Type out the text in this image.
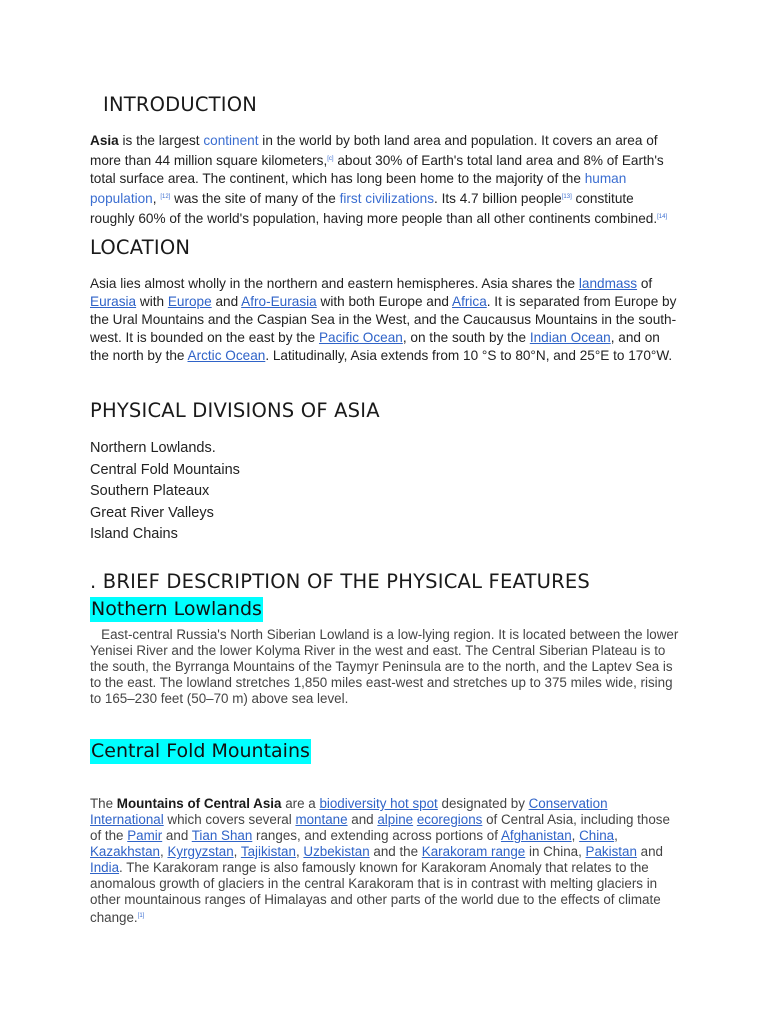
INTRODUCTION

Asia is the largest continent in the world by both land area and population. It covers an area of more than 44 million square kilometers,[c] about 30% of Earth's total land area and 8% of Earth's total surface area. The continent, which has long been home to the majority of the human population, [12] was the site of many of the first civilizations. Its 4.7 billion people[13] constitute roughly 60% of the world's population, having more people than all other continents combined.[14]

LOCATION

Asia lies almost wholly in the northern and eastern hemispheres. Asia shares the landmass of Eurasia with Europe and Afro-Eurasia with both Europe and Africa. It is separated from Europe by the Ural Mountains and the Caspian Sea in the West, and the Caucausus Mountains in the south-west. It is bounded on the east by the Pacific Ocean, on the south by the Indian Ocean, and on the north by the Arctic Ocean. Latitudinally, Asia extends from 10 °S to 80°N, and 25°E to 170°W.

PHYSICAL DIVISIONS OF ASIA
Northern Lowlands.
Central Fold Mountains
Southern Plateaux
Great River Valleys
Island Chains
. BRIEF DESCRIPTION OF THE PHYSICAL FEATURES
Nothern Lowlands

East-central Russia's North Siberian Lowland is a low-lying region. It is located between the lower Yenisei River and the lower Kolyma River in the west and east. The Central Siberian Plateau is to the south, the Byrranga Mountains of the Taymyr Peninsula are to the north, and the Laptev Sea is to the east. The lowland stretches 1,850 miles east-west and stretches up to 375 miles wide, rising to 165–230 feet (50–70 m) above sea level.

Central Fold Mountains

The Mountains of Central Asia are a biodiversity hot spot designated by Conservation International which covers several montane and alpine ecoregions of Central Asia, including those of the Pamir and Tian Shan ranges, and extending across portions of Afghanistan, China, Kazakhstan, Kyrgyzstan, Tajikistan, Uzbekistan and the Karakoram range in China, Pakistan and India. The Karakoram range is also famously known for Karakoram Anomaly that relates to the anomalous growth of glaciers in the central Karakoram that is in contrast with melting glaciers in other mountainous ranges of Himalayas and other parts of the world due to the effects of climate change.[1]
